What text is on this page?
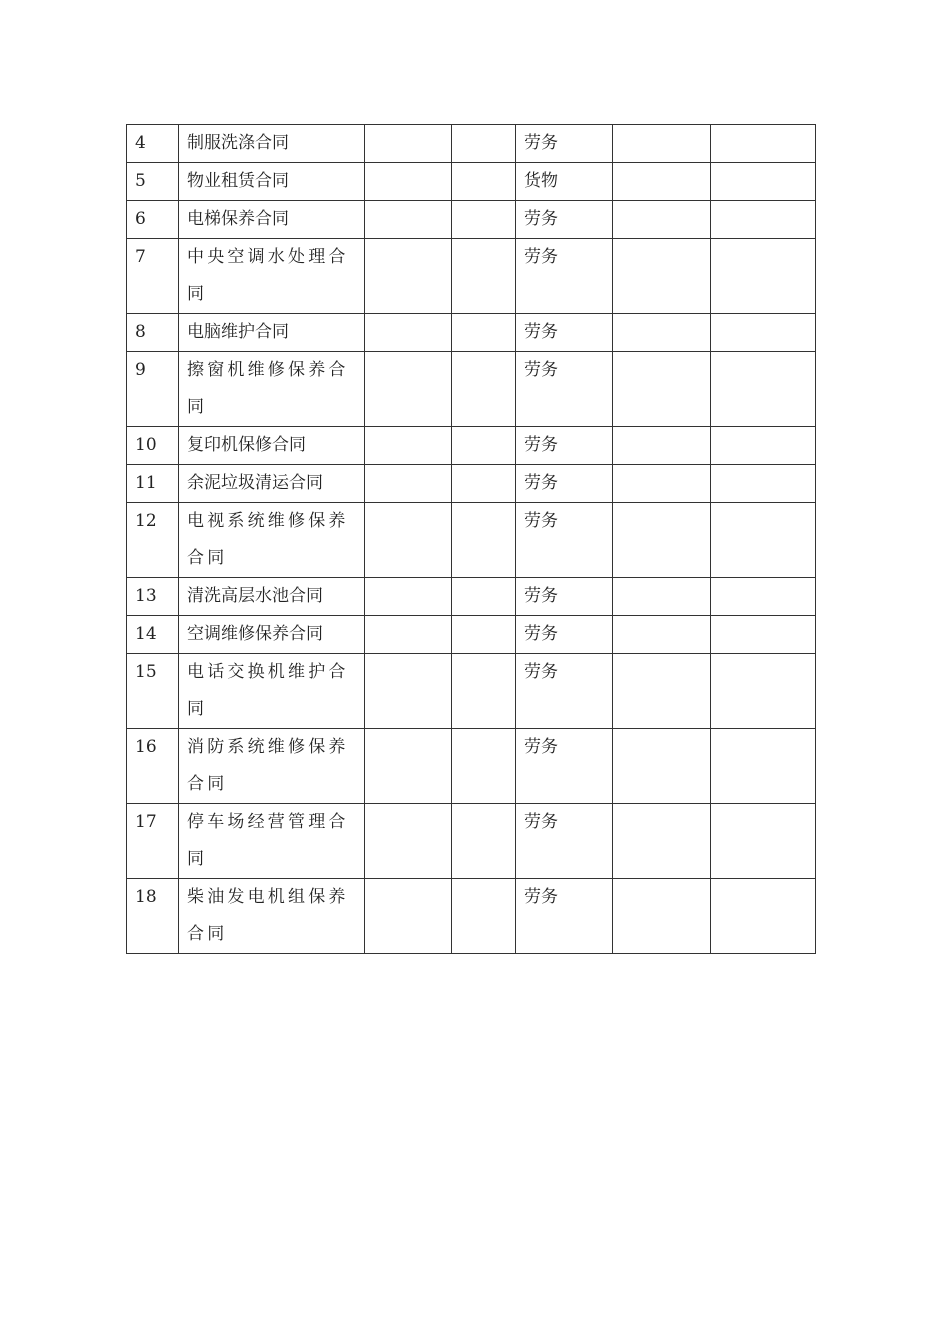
4	制服洗涤合同			劳务		
5	物业租赁合同			货物		
6	电梯保养合同			劳务		
7	中央空调水处理合同			劳务		
8	电脑维护合同			劳务		
9	擦窗机维修保养合同			劳务		
10	复印机保修合同			劳务		
11	余泥垃圾清运合同			劳务		
12	电视系统维修保养合同			劳务		
13	清洗高层水池合同			劳务		
14	空调维修保养合同			劳务		
15	电话交换机维护合同			劳务		
16	消防系统维修保养合同			劳务		
17	停车场经营管理合同			劳务		
18	柴油发电机组保养合同			劳务		
